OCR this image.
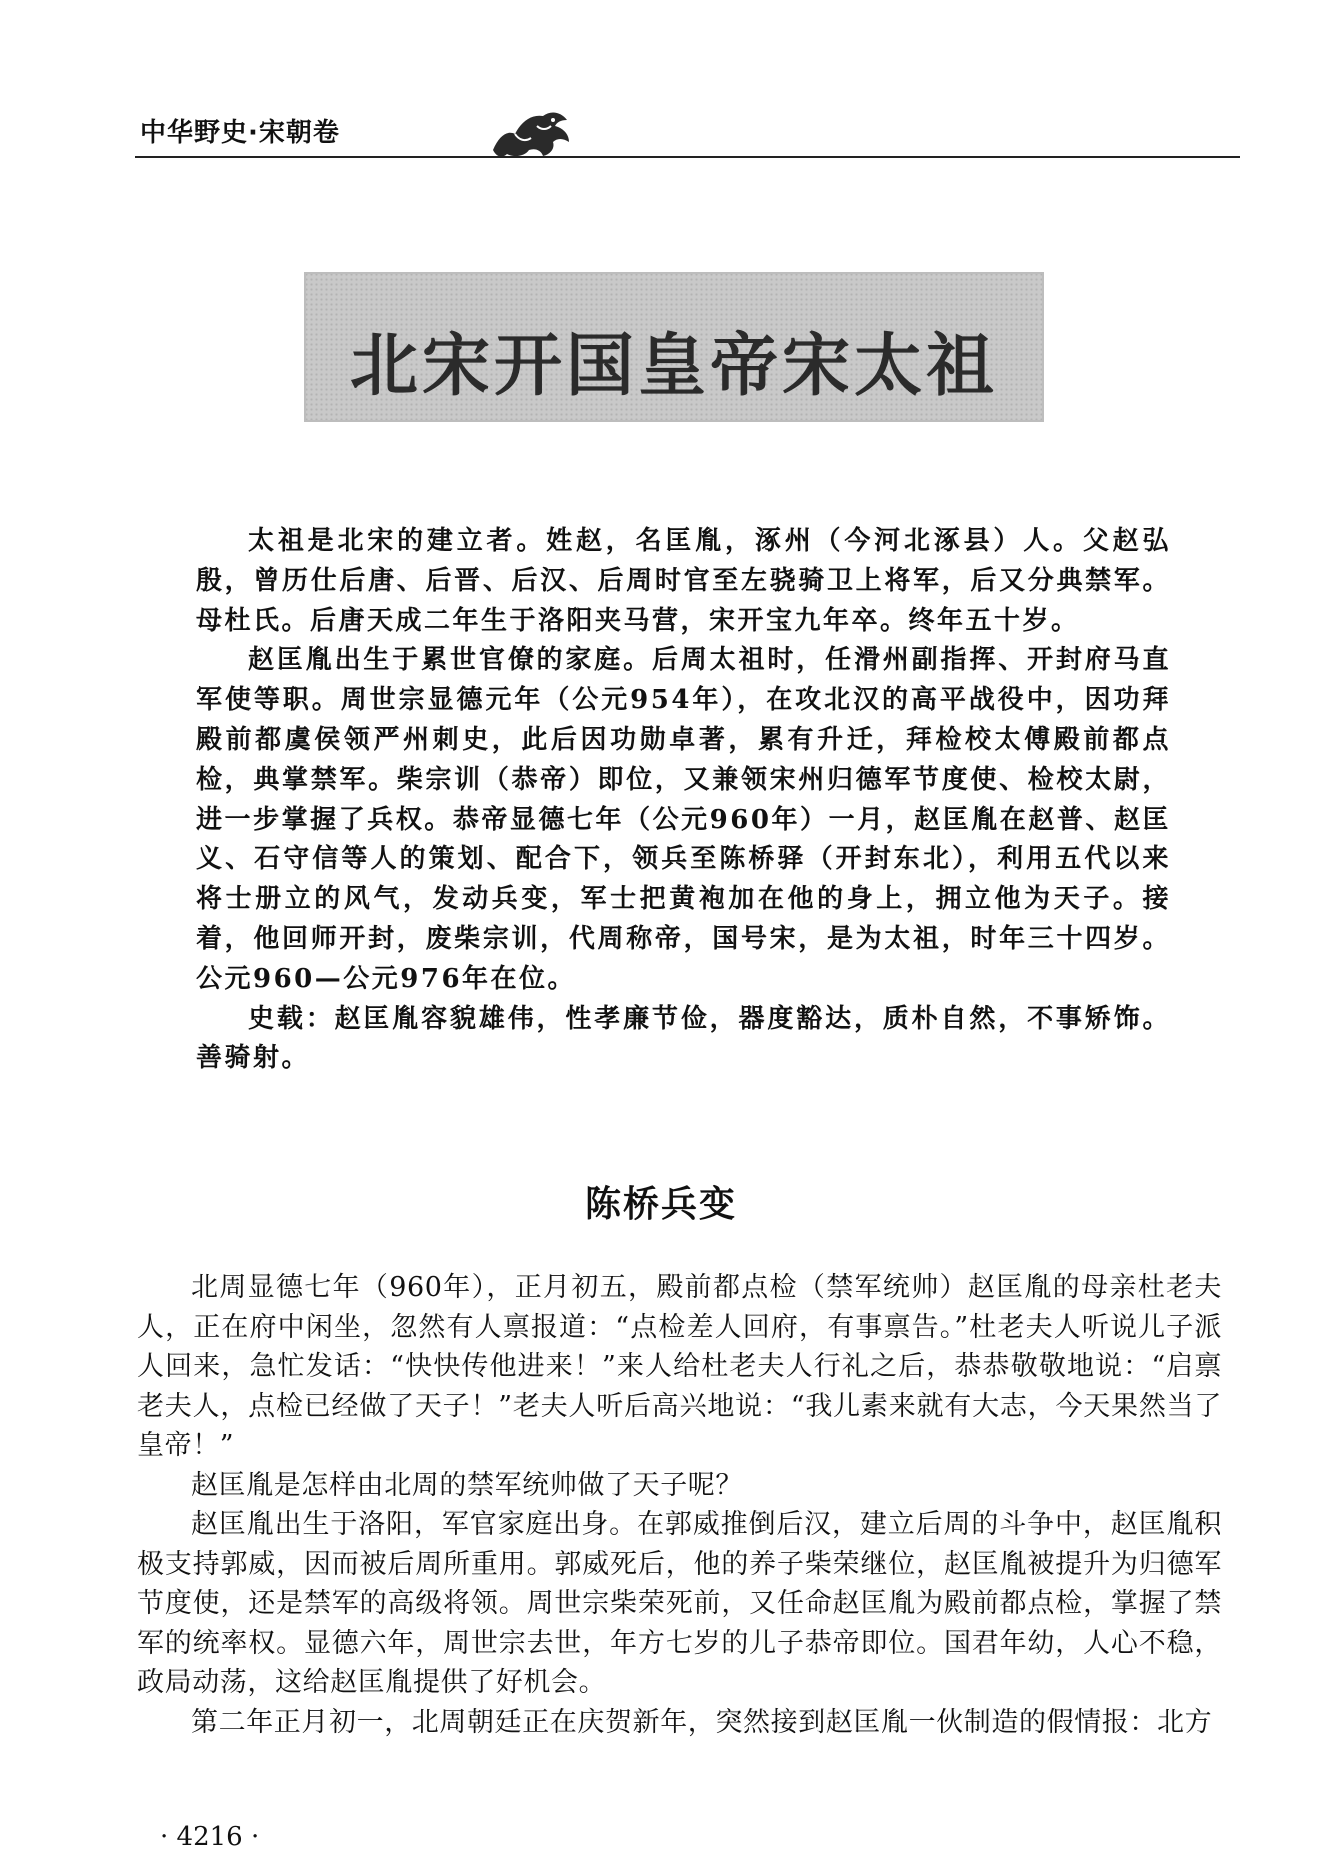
中华野史·宋朝卷
北宋开国皇帝宋太祖

太祖是北宋的建立者。姓赵，名匡胤，涿州（今河北涿县）人。父赵弘殷，曾历仕后唐、后晋、后汉、后周时官至左骁骑卫上将军，后又分典禁军。母杜氏。后唐天成二年生于洛阳夹马营，宋开宝九年卒。终年五十岁。

赵匡胤出生于累世官僚的家庭。后周太祖时，任滑州副指挥、开封府马直军使等职。周世宗显德元年（公元954年），在攻北汉的高平战役中，因功拜殿前都虞侯领严州刺史，此后因功勋卓著，累有升迁，拜检校太傅殿前都点检，典掌禁军。柴宗训（恭帝）即位，又兼领宋州归德军节度使、检校太尉，进一步掌握了兵权。恭帝显德七年（公元960年）一月，赵匡胤在赵普、赵匡义、石守信等人的策划、配合下，领兵至陈桥驿（开封东北），利用五代以来将士册立的风气，发动兵变，军士把黄袍加在他的身上，拥立他为天子。接着，他回师开封，废柴宗训，代周称帝，国号宋，是为太祖，时年三十四岁。公元960—公元976年在位。

史载：赵匡胤容貌雄伟，性孝廉节俭，器度豁达，质朴自然，不事矫饰。善骑射。

陈桥兵变

北周显德七年（960年），正月初五，殿前都点检（禁军统帅）赵匡胤的母亲杜老夫人，正在府中闲坐，忽然有人禀报道：“点检差人回府，有事禀告。”杜老夫人听说儿子派人回来，急忙发话：“快快传他进来！”来人给杜老夫人行礼之后，恭恭敬敬地说：“启禀老夫人，点检已经做了天子！”老夫人听后高兴地说：“我儿素来就有大志，今天果然当了皇帝！”

赵匡胤是怎样由北周的禁军统帅做了天子呢？

赵匡胤出生于洛阳，军官家庭出身。在郭威推倒后汉，建立后周的斗争中，赵匡胤积极支持郭威，因而被后周所重用。郭威死后，他的养子柴荣继位，赵匡胤被提升为归德军节度使，还是禁军的高级将领。周世宗柴荣死前，又任命赵匡胤为殿前都点检，掌握了禁军的统率权。显德六年，周世宗去世，年方七岁的儿子恭帝即位。国君年幼，人心不稳，政局动荡，这给赵匡胤提供了好机会。

第二年正月初一，北周朝廷正在庆贺新年，突然接到赵匡胤一伙制造的假情报：北方

· 4216 ·
